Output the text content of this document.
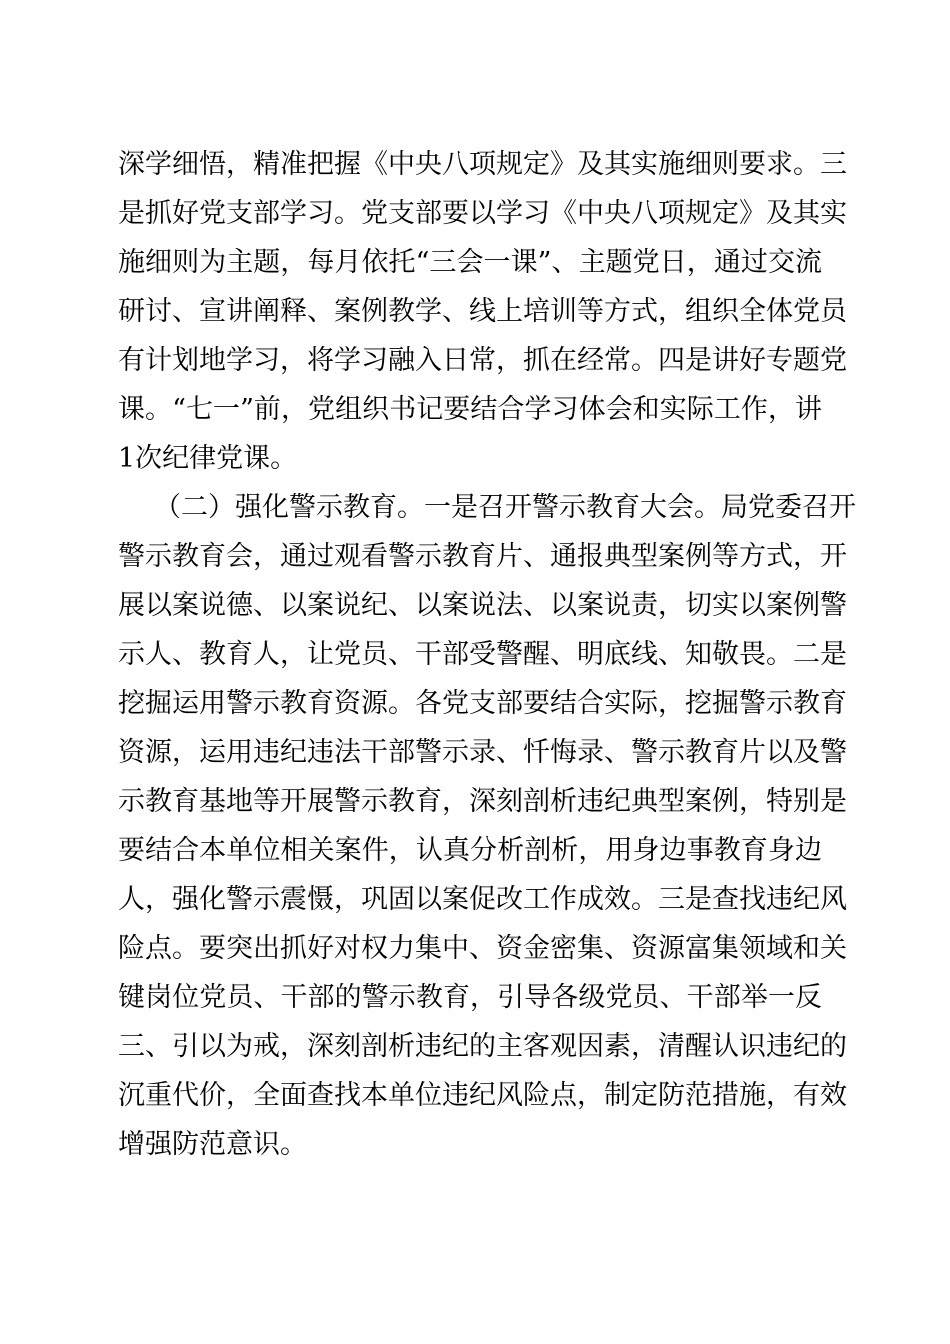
深学细悟，精准把握《中央八项规定》及其实施细则要求。三
是抓好党支部学习。党支部要以学习《中央八项规定》及其实
施细则为主题，每月依托“三会一课”、主题党日，通过交流
研讨、宣讲阐释、案例教学、线上培训等方式，组织全体党员
有计划地学习，将学习融入日常，抓在经常。四是讲好专题党
课。“七一”前，党组织书记要结合学习体会和实际工作，讲
1次纪律党课。

（二）强化警示教育。一是召开警示教育大会。局党委召开
警示教育会，通过观看警示教育片、通报典型案例等方式，开
展以案说德、以案说纪、以案说法、以案说责，切实以案例警
示人、教育人，让党员、干部受警醒、明底线、知敬畏。二是
挖掘运用警示教育资源。各党支部要结合实际，挖掘警示教育
资源，运用违纪违法干部警示录、忏悔录、警示教育片以及警
示教育基地等开展警示教育，深刻剖析违纪典型案例，特别是
要结合本单位相关案件，认真分析剖析，用身边事教育身边
人，强化警示震慑，巩固以案促改工作成效。三是查找违纪风
险点。要突出抓好对权力集中、资金密集、资源富集领域和关
键岗位党员、干部的警示教育，引导各级党员、干部举一反
三、引以为戒，深刻剖析违纪的主客观因素，清醒认识违纪的
沉重代价，全面查找本单位违纪风险点，制定防范措施，有效
增强防范意识。
